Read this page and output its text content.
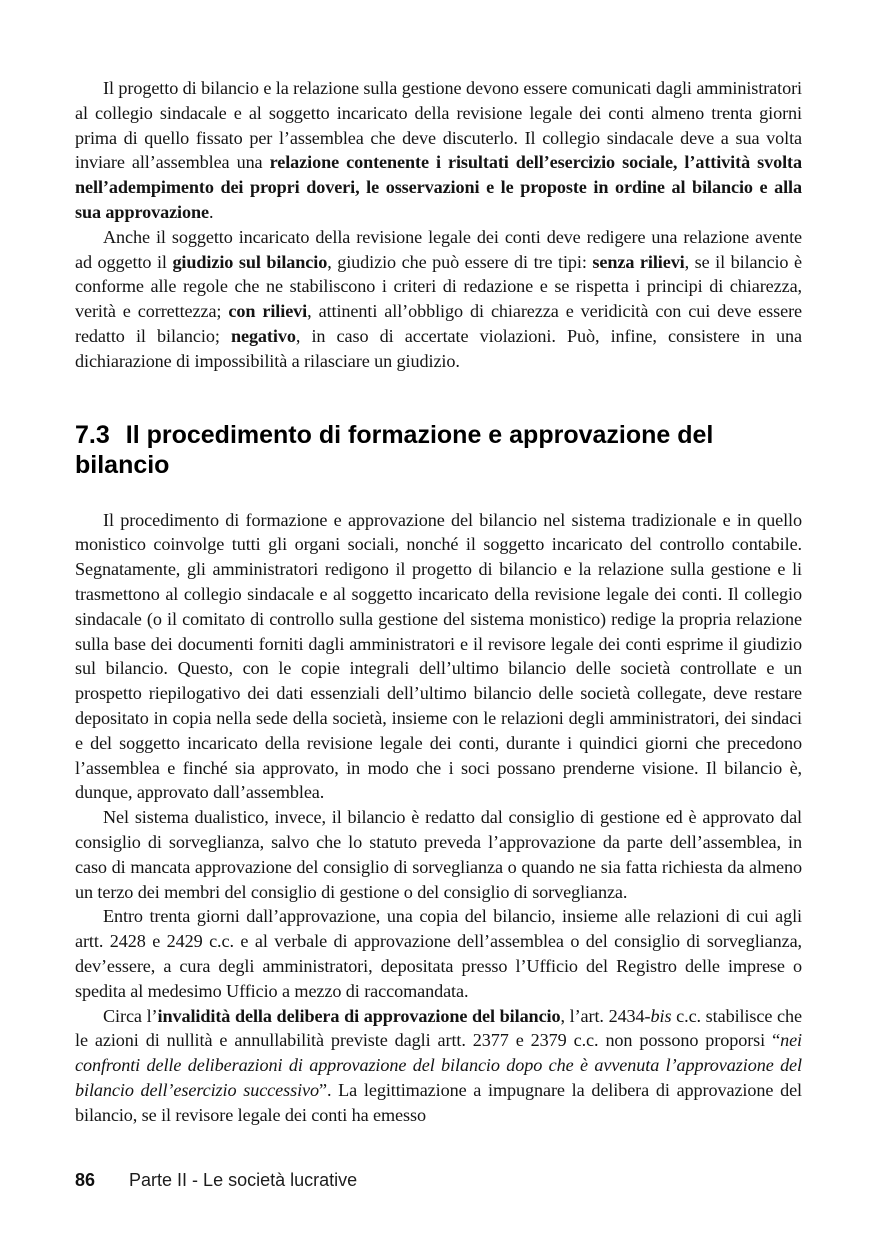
Il progetto di bilancio e la relazione sulla gestione devono essere comunicati dagli amministratori al collegio sindacale e al soggetto incaricato della revisione legale dei conti almeno trenta giorni prima di quello fissato per l’assemblea che deve discuterlo. Il collegio sindacale deve a sua volta inviare all’assemblea una relazione contenente i risultati dell’esercizio sociale, l’attività svolta nell’adempimento dei propri doveri, le osservazioni e le proposte in ordine al bilancio e alla sua approvazione.

Anche il soggetto incaricato della revisione legale dei conti deve redigere una relazione avente ad oggetto il giudizio sul bilancio, giudizio che può essere di tre tipi: senza rilievi, se il bilancio è conforme alle regole che ne stabiliscono i criteri di redazione e se rispetta i principi di chiarezza, verità e correttezza; con rilievi, attinenti all’obbligo di chiarezza e veridicità con cui deve essere redatto il bilancio; negativo, in caso di accertate violazioni. Può, infine, consistere in una dichiarazione di impossibilità a rilasciare un giudizio.

7.3 Il procedimento di formazione e approvazione del bilancio

Il procedimento di formazione e approvazione del bilancio nel sistema tradizionale e in quello monistico coinvolge tutti gli organi sociali, nonché il soggetto incaricato del controllo contabile. Segnatamente, gli amministratori redigono il progetto di bilancio e la relazione sulla gestione e li trasmettono al collegio sindacale e al soggetto incaricato della revisione legale dei conti. Il collegio sindacale (o il comitato di controllo sulla gestione del sistema monistico) redige la propria relazione sulla base dei documenti forniti dagli amministratori e il revisore legale dei conti esprime il giudizio sul bilancio. Questo, con le copie integrali dell’ultimo bilancio delle società controllate e un prospetto riepilogativo dei dati essenziali dell’ultimo bilancio delle società collegate, deve restare depositato in copia nella sede della società, insieme con le relazioni degli amministratori, dei sindaci e del soggetto incaricato della revisione legale dei conti, durante i quindici giorni che precedono l’assemblea e finché sia approvato, in modo che i soci possano prenderne visione. Il bilancio è, dunque, approvato dall’assemblea.

Nel sistema dualistico, invece, il bilancio è redatto dal consiglio di gestione ed è approvato dal consiglio di sorveglianza, salvo che lo statuto preveda l’approvazione da parte dell’assemblea, in caso di mancata approvazione del consiglio di sorveglianza o quando ne sia fatta richiesta da almeno un terzo dei membri del consiglio di gestione o del consiglio di sorveglianza.

Entro trenta giorni dall’approvazione, una copia del bilancio, insieme alle relazioni di cui agli artt. 2428 e 2429 c.c. e al verbale di approvazione dell’assemblea o del consiglio di sorveglianza, dev’essere, a cura degli amministratori, depositata presso l’Ufficio del Registro delle imprese o spedita al medesimo Ufficio a mezzo di raccomandata.

Circa l’invalidità della delibera di approvazione del bilancio, l’art. 2434-bis c.c. stabilisce che le azioni di nullità e annullabilità previste dagli artt. 2377 e 2379 c.c. non possono proporsi “nei confronti delle deliberazioni di approvazione del bilancio dopo che è avvenuta l’approvazione del bilancio dell’esercizio successivo”. La legittimazione a impugnare la delibera di approvazione del bilancio, se il revisore legale dei conti ha emesso

86 Parte II - Le società lucrative
